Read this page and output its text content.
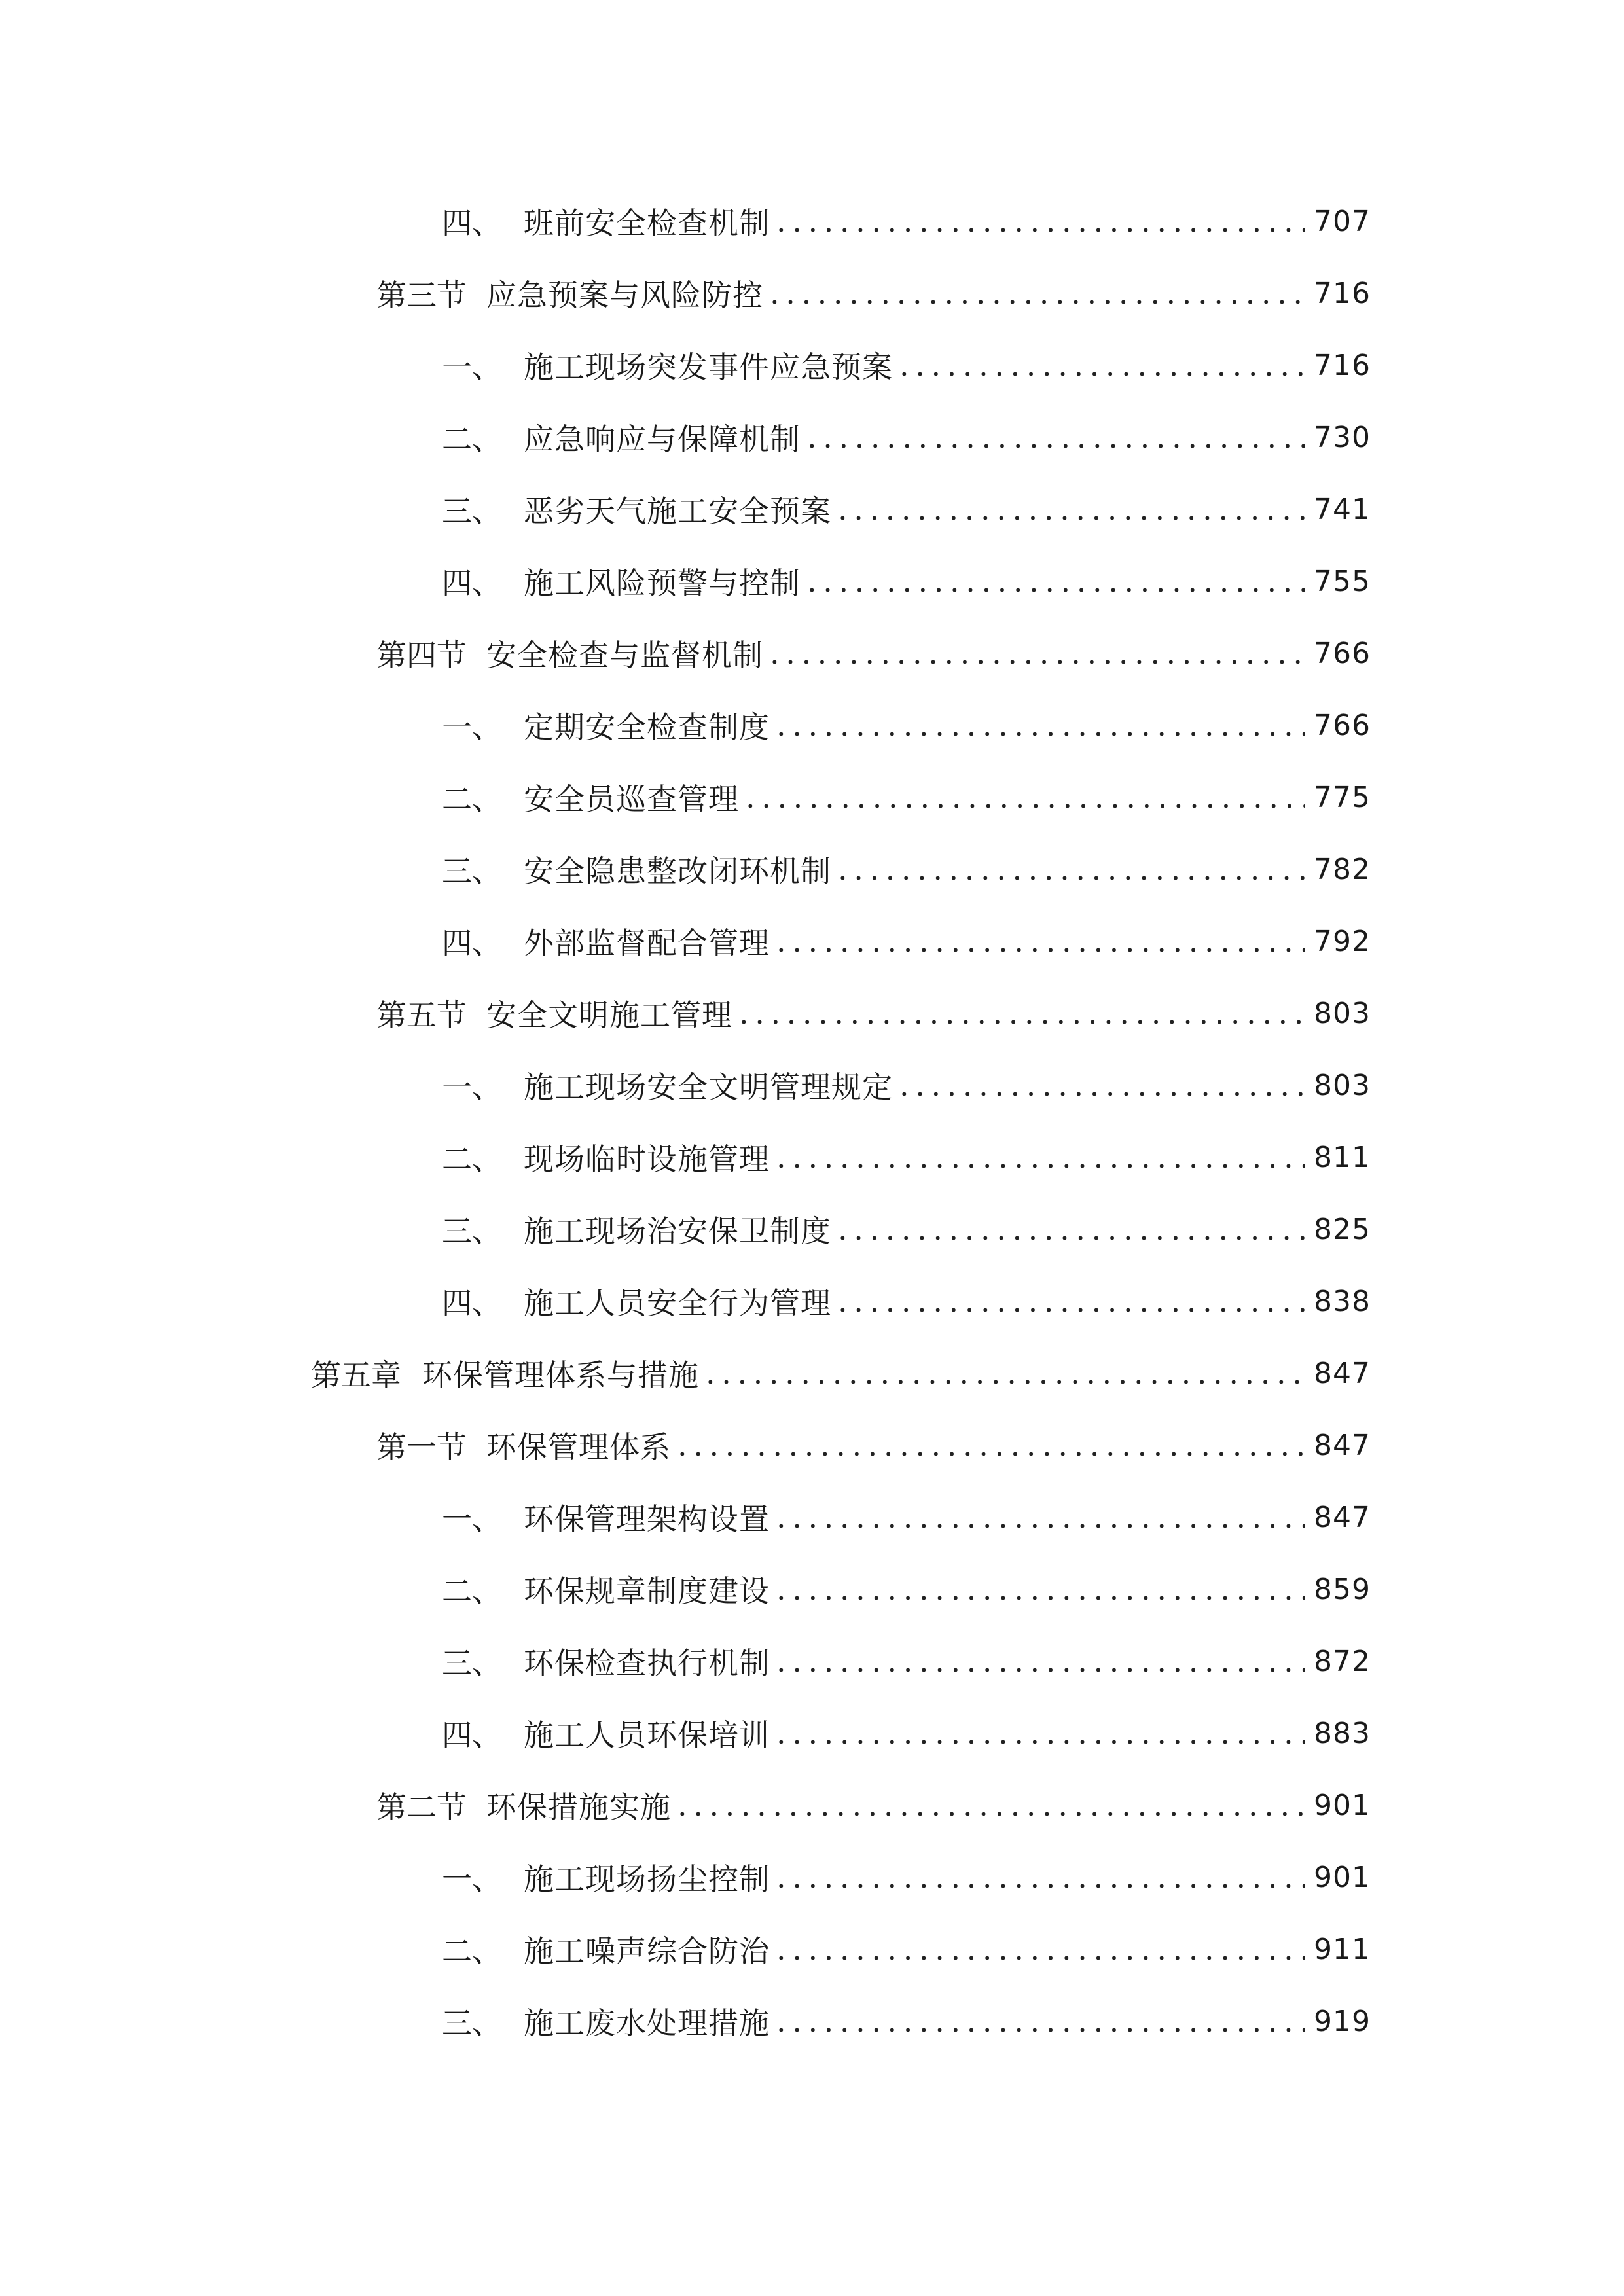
四、 班前安全检查机制 .....	707
第三节 应急预案与风险防控 .....	716
一、 施工现场突发事件应急预案 .....	716
二、 应急响应与保障机制 .....	730
三、 恶劣天气施工安全预案 .....	741
四、 施工风险预警与控制 .....	755
第四节 安全检查与监督机制 .....	766
一、 定期安全检查制度 .....	766
二、 安全员巡查管理 .....	775
三、 安全隐患整改闭环机制 .....	782
四、 外部监督配合管理 .....	792
第五节 安全文明施工管理 .....	803
一、 施工现场安全文明管理规定 .....	803
二、 现场临时设施管理 .....	811
三、 施工现场治安保卫制度 .....	825
四、 施工人员安全行为管理 .....	838
第五章 环保管理体系与措施 .....	847
第一节 环保管理体系 .....	847
一、 环保管理架构设置 .....	847
二、 环保规章制度建设 .....	859
三、 环保检查执行机制 .....	872
四、 施工人员环保培训 .....	883
第二节 环保措施实施 .....	901
一、 施工现场扬尘控制 .....	901
二、 施工噪声综合防治 .....	911
三、 施工废水处理措施 .....	919
